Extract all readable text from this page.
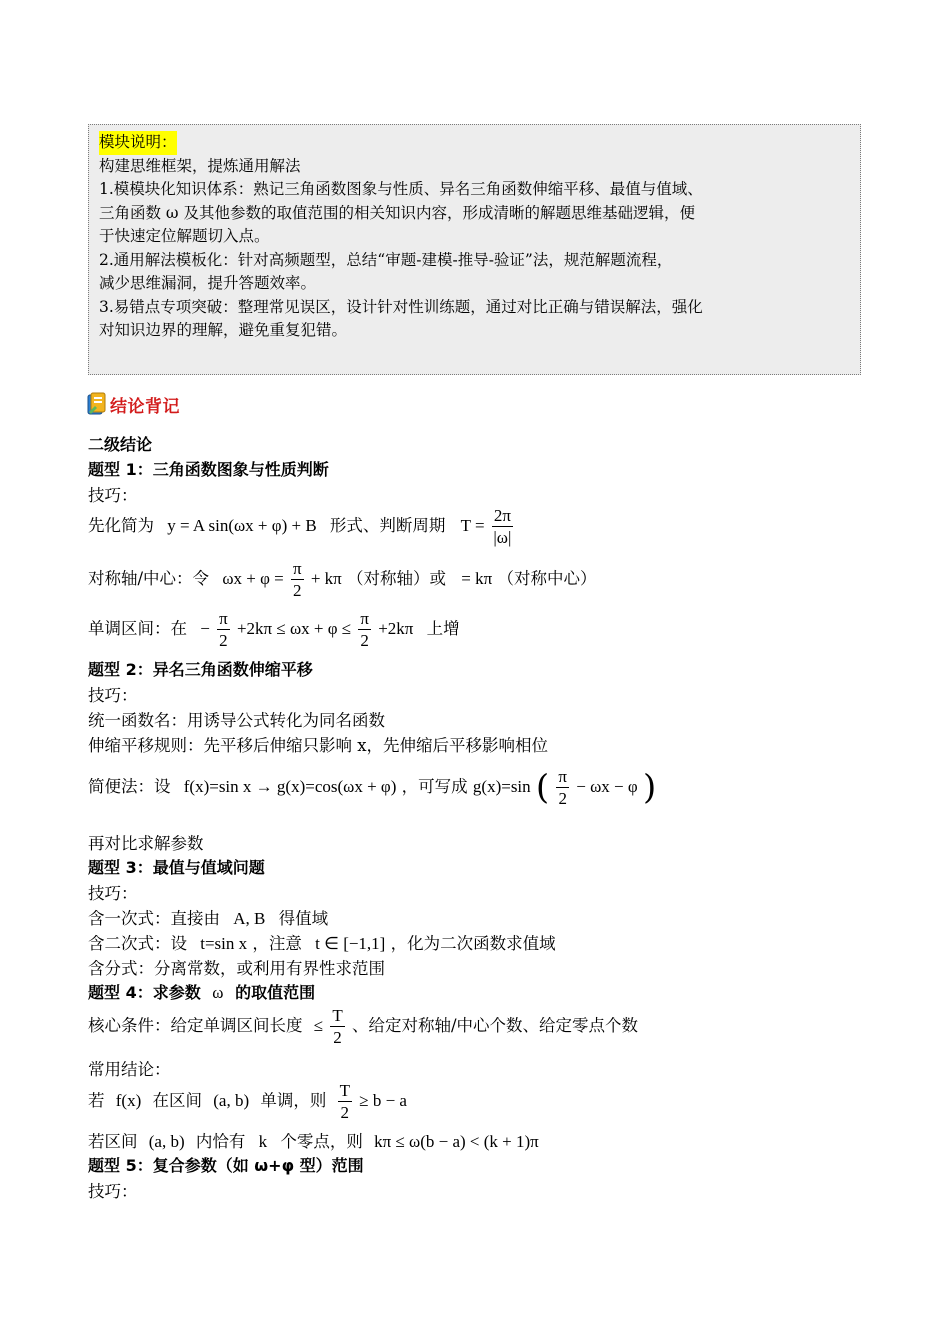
模块说明：
构建思维框架，提炼通用解法
1.模模块化知识体系：熟记三角函数图象与性质、异名三角函数伸缩平移、最值与值域、
三角函数 ω 及其他参数的取值范围的相关知识内容，形成清晰的解题思维基础逻辑，便
于快速定位解题切入点。
2.通用解法模板化：针对高频题型，总结“审题-建模-推导-验证”法，规范解题流程，
减少思维漏洞，提升答题效率。
3.易错点专项突破：整理常见误区，设计针对性训练题，通过对比正确与错误解法，强化
对知识边界的理解，避免重复犯错。
结论背记
二级结论
题型 1：三角函数图象与性质判断
技巧：
先化简为 y = A sin(ωx + φ) + B 形式、判断周期 $T = \frac{2\pi}{|\omega|}$
对称轴/中心：令 $\omega x + \varphi = \frac{\pi}{2} + k\pi$ （对称轴）或 = kπ （对称中心）
单调区间：在 − $\frac{\pi}{2} +2k\pi \le \omega x + \varphi \le \frac{\pi}{2} +2k\pi$ 上增
题型 2：异名三角函数伸缩平移
技巧：
统一函数名：用诱导公式转化为同名函数
伸缩平移规则：先平移后伸缩只影响 x，先伸缩后平移影响相位
简便法：设 f(x)=sin x → g(x)=cos(ωx + φ) ，可写成 g(x)=sin ( $\frac{\pi}{2} - \omega x - \varphi$ )
再对比求解参数
题型 3：最值与值域问题
技巧：
含一次式：直接由 A, B 得值域
含二次式：设 t=sin x ，注意 t ∈ [−1,1] ，化为二次函数求值域
含分式：分离常数，或利用有界性求范围
题型 4：求参数 ω 的取值范围
核心条件：给定单调区间长度 ≤ $\frac{T}{2}$ 、给定对称轴/中心个数、给定零点个数
常用结论：
若 f(x) 在区间 (a, b) 单调，则 $\frac{T}{2} \ge b - a$
若区间 (a, b) 内恰有 k 个零点，则 kπ ≤ ω(b − a) < (k + 1)π
题型 5：复合参数（如 ω+φ 型）范围
技巧：
